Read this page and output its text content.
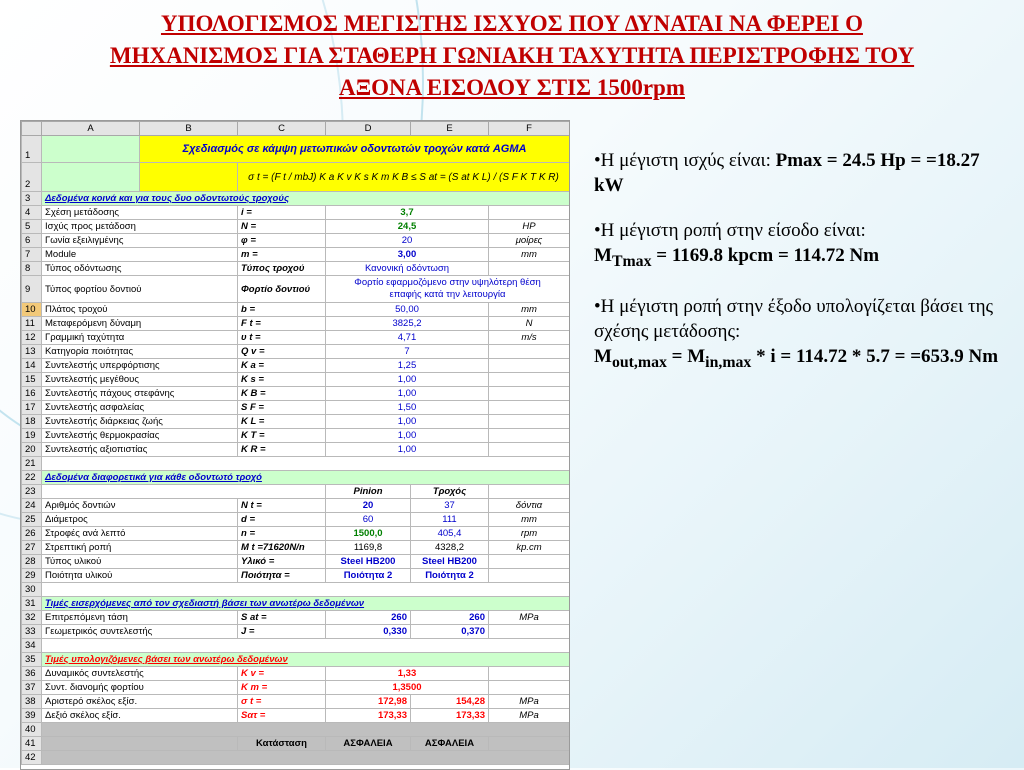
ΥΠΟΛΟΓΙΣΜΟΣ ΜΕΓΙΣΤΗΣ ΙΣΧΥΟΣ ΠΟΥ ΔΥΝΑΤΑΙ ΝΑ ΦΕΡΕΙ Ο
ΜΗΧΑΝΙΣΜΟΣ ΓΙΑ ΣΤΑΘΕΡΗ ΓΩΝΙΑΚΗ ΤΑΧΥΤΗΤΑ ΠΕΡΙΣΤΡΟΦΗΣ ΤΟΥ
ΑΞΟΝΑ ΕΙΣΟΔΟΥ ΣΤΙΣ 1500rpm
	A	B	C	D	E	F
1		Σχεδιασμός σε κάμψη μετωπικών οδοντωτών τροχών κατά AGMA				
2			σ t = (F t / mbJ) K a K v K s K m K B ≤ S at = (S at K L) / (S F K T K R)			
3	Δεδομένα κοινά και για τους δυο οδοντωτούς τροχούς					
4	Σχέση μετάδοσης		i =	3,7		
5	Ισχύς προς μετάδοση		N =	24,5		HP
6	Γωνία εξειλιγμένης		φ =	20		μοίρες
7	Module		m =	3,00		mm
8	Τύπος οδόντωσης		Τύπος τροχού	Κανονική οδόντωση		
9	Τύπος φορτίου δοντιού		Φορτίο δοντιού	Φορτίο εφαρμοζόμενο στην υψηλότερη θέση
επαφής κατά την λειτουργία		
10	Πλάτος τροχού		b =	50,00		mm
11	Μεταφερόμενη δύναμη		F t =	3825,2		N
12	Γραμμική ταχύτητα		υ t =	4,71		m/s
13	Κατηγορία ποιότητας		Q v =	7		
14	Συντελεστής υπερφόρτισης		K a =	1,25		
15	Συντελεστής μεγέθους		K s =	1,00		
16	Συντελεστής πάχους στεφάνης		K B =	1,00		
17	Συντελεστής ασφαλείας		S F =	1,50		
18	Συντελεστής διάρκειας ζωής		K L =	1,00		
19	Συντελεστής θερμοκρασίας		K T =	1,00		
20	Συντελεστής αξιοπιστίας		K R =	1,00		
21						
22	Δεδομένα διαφορετικά για κάθε οδοντωτό τροχό					
23				Pinion	Τροχός	
24	Αριθμός δοντιών		N t =	20	37	δόντια
25	Διάμετρος		d =	60	111	mm
26	Στροφές ανά λεπτό		n =	1500,0	405,4	rpm
27	Στρεπτική ροπή		M t =71620N/n	1169,8	4328,2	kp.cm
28	Τύπος υλικού		Υλικό =	Steel HB200	Steel HB200	
29	Ποιότητα υλικού		Ποιότητα =	Ποιότητα 2	Ποιότητα 2	
30						
31	Τιμές εισερχόμενες από τον σχεδιαστή βάσει των ανωτέρω δεδομένων					
32	Επιτρεπόμενη τάση		S at =	260	260	MPa
33	Γεωμετρικός συντελεστής		J =	0,330	0,370	
34						
35	Τιμές υπολογιζόμενες βάσει των ανωτέρω δεδομένων					
36	Δυναμικός συντελεστής		K v =	1,33		
37	Συντ. διανομής φορτίου		K m =	1,3500		
38	Αριστερό σκέλος εξίσ.		σ t =	172,98	154,28	MPa
39	Δεξιό σκέλος εξίσ.		Sατ =	173,33	173,33	MPa
40						
41			Κατάσταση	ΑΣΦΑΛΕΙΑ	ΑΣΦΑΛΕΙΑ	
42						

•Η μέγιστη ισχύς είναι: Pmax = 24.5 Hp = =18.27 kW

•Η μέγιστη ροπή στην είσοδο είναι:
$M_{Tmax} = 1169.8$ kpcm = 114.72 Nm

•Η μέγιστη ροπή στην έξοδο υπολογίζεται βάσει της σχέσης μετάδοσης:
$M_{out,max} = M_{in,max} * i = 114.72 * 5.7 = =653.9$ Nm
